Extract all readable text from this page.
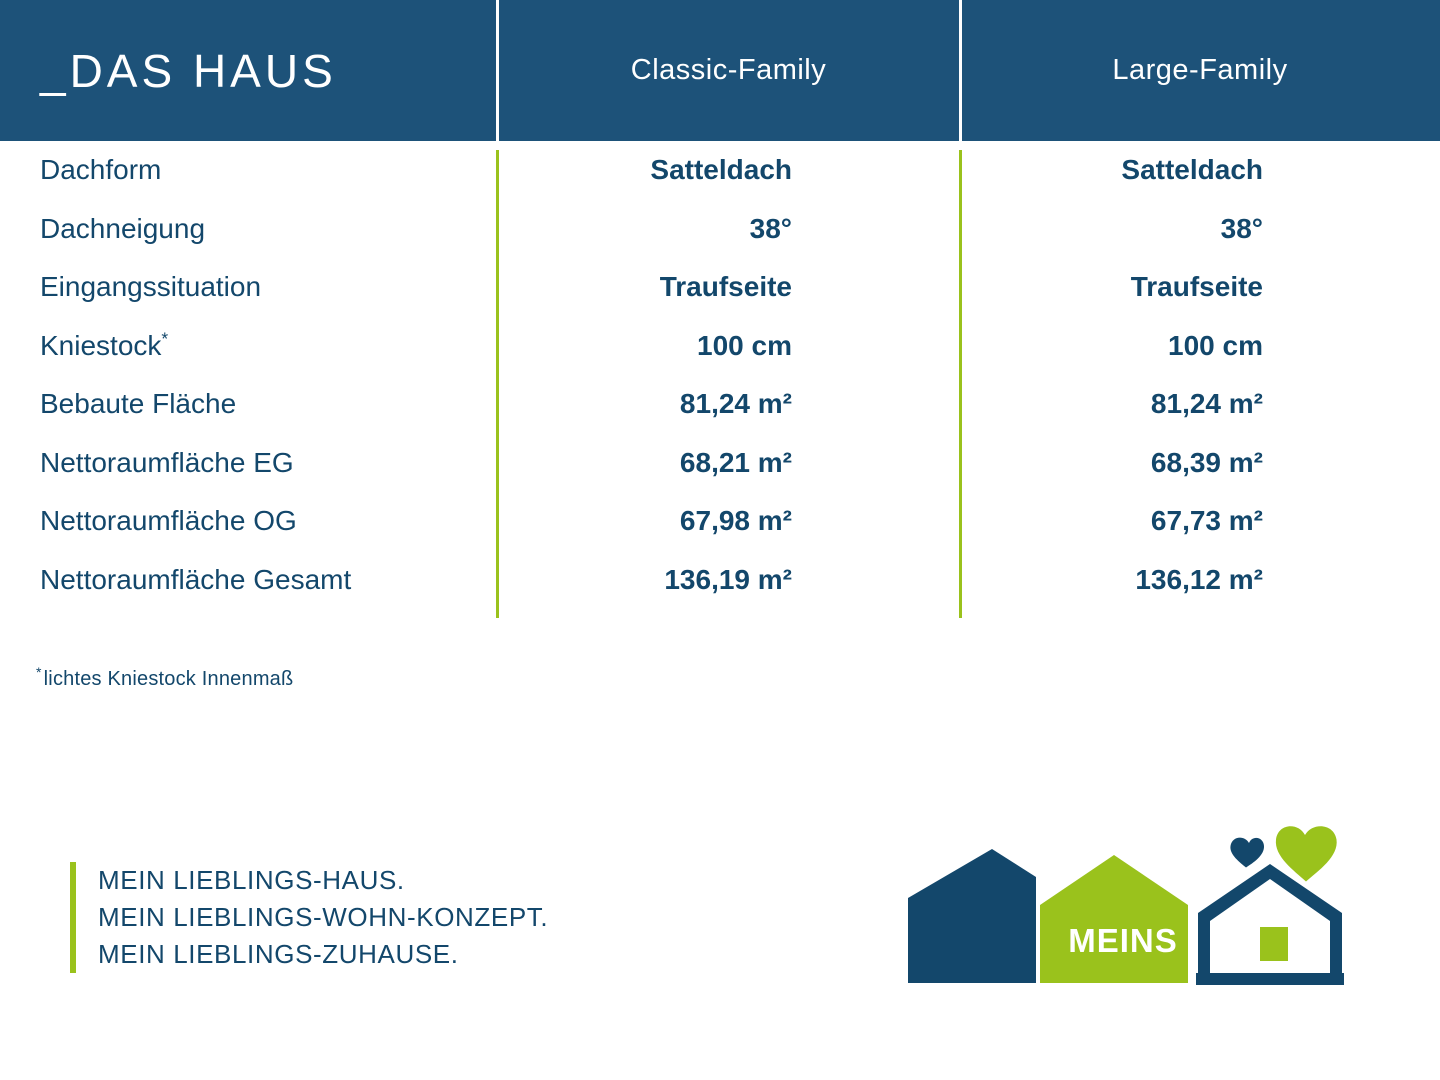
_DAS HAUS	Classic-Family	Large-Family
Dachform	Satteldach	Satteldach
Dachneigung	38°	38°
Eingangssituation	Traufseite	Traufseite
Kniestock*	100 cm	100 cm
Bebaute Fläche	81,24 m²	81,24 m²
Nettoraumfläche EG	68,21 m²	68,39 m²
Nettoraumfläche OG	67,98 m²	67,73 m²
Nettoraumfläche Gesamt	136,19 m²	136,12 m²
* lichtes Kniestock Innenmaß
MEIN LIEBLINGS-HAUS.
MEIN LIEBLINGS-WOHN-KONZEPT.
MEIN LIEBLINGS-ZUHAUSE.	MEINS
